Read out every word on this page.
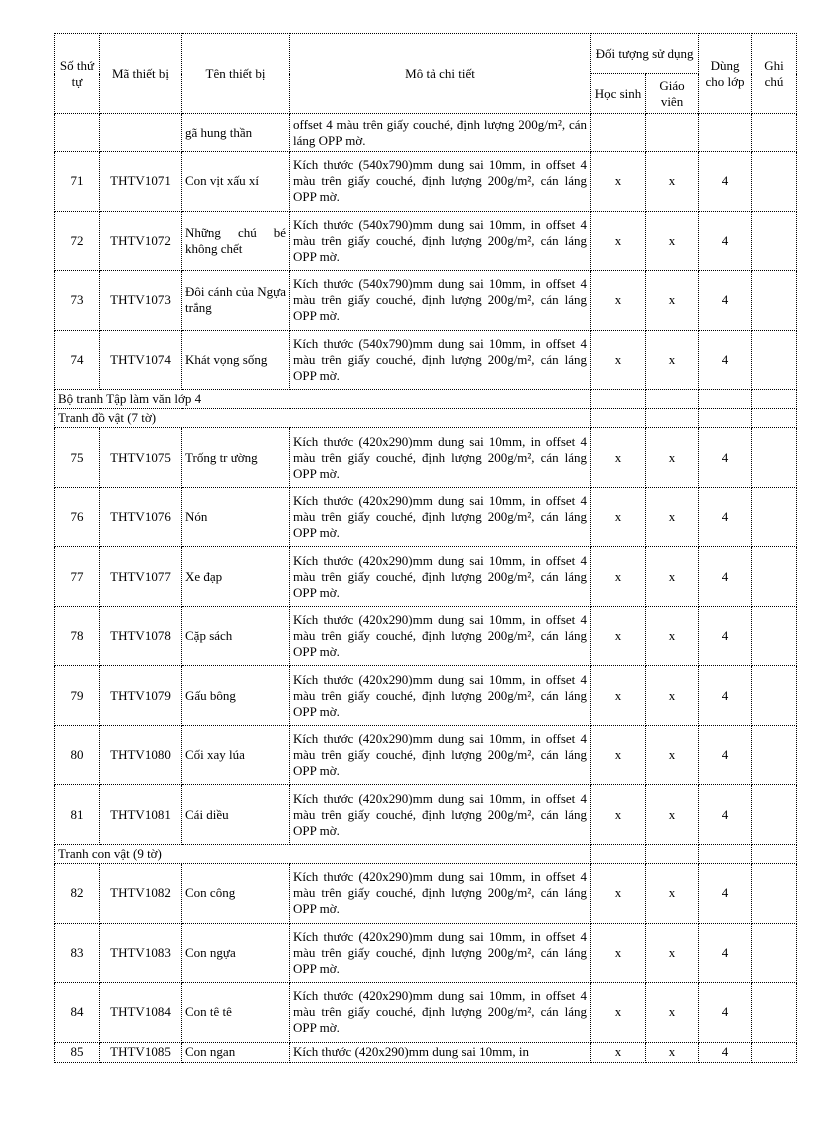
Số thứ tự	Mã thiết bị	Tên thiết bị	Mô tả chi tiết	Đối tượng sử dụng		Dùng cho lớp	Ghi chú
				Học sinh	Giáo viên		
		gã hung thần	offset 4 màu trên giấy couché, định lượng 200g/m², cán láng OPP mờ.				
71	THTV1071	Con vịt xấu xí	Kích thước (540x790)mm dung sai 10mm, in offset 4 màu trên giấy couché, định lượng 200g/m², cán láng OPP mờ.	x	x	4	
72	THTV1072	Những chú bé không chết	Kích thước (540x790)mm dung sai 10mm, in offset 4 màu trên giấy couché, định lượng 200g/m², cán láng OPP mờ.	x	x	4	
73	THTV1073	Đôi cánh của Ngựa trắng	Kích thước (540x790)mm dung sai 10mm, in offset 4 màu trên giấy couché, định lượng 200g/m², cán láng OPP mờ.	x	x	4	
74	THTV1074	Khát vọng sống	Kích thước (540x790)mm dung sai 10mm, in offset 4 màu trên giấy couché, định lượng 200g/m², cán láng OPP mờ.	x	x	4	
Bộ tranh Tập làm văn lớp 4							
Tranh đồ vật (7 tờ)							
75	THTV1075	Trống tr ường	Kích thước (420x290)mm dung sai 10mm, in offset 4 màu trên giấy couché, định lượng 200g/m², cán láng OPP mờ.	x	x	4	
76	THTV1076	Nón	Kích thước (420x290)mm dung sai 10mm, in offset 4 màu trên giấy couché, định lượng 200g/m², cán láng OPP mờ.	x	x	4	
77	THTV1077	Xe đạp	Kích thước (420x290)mm dung sai 10mm, in offset 4 màu trên giấy couché, định lượng 200g/m², cán láng OPP mờ.	x	x	4	
78	THTV1078	Cặp sách	Kích thước (420x290)mm dung sai 10mm, in offset 4 màu trên giấy couché, định lượng 200g/m², cán láng OPP mờ.	x	x	4	
79	THTV1079	Gấu bông	Kích thước (420x290)mm dung sai 10mm, in offset 4 màu trên giấy couché, định lượng 200g/m², cán láng OPP mờ.	x	x	4	
80	THTV1080	Cối xay lúa	Kích thước (420x290)mm dung sai 10mm, in offset 4 màu trên giấy couché, định lượng 200g/m², cán láng OPP mờ.	x	x	4	
81	THTV1081	Cái diều	Kích thước (420x290)mm dung sai 10mm, in offset 4 màu trên giấy couché, định lượng 200g/m², cán láng OPP mờ.	x	x	4	
Tranh con vật (9 tờ)							
82	THTV1082	Con công	Kích thước (420x290)mm dung sai 10mm, in offset 4 màu trên giấy couché, định lượng 200g/m², cán láng OPP mờ.	x	x	4	
83	THTV1083	Con ngựa	Kích thước (420x290)mm dung sai 10mm, in offset 4 màu trên giấy couché, định lượng 200g/m², cán láng OPP mờ.	x	x	4	
84	THTV1084	Con tê tê	Kích thước (420x290)mm dung sai 10mm, in offset 4 màu trên giấy couché, định lượng 200g/m², cán láng OPP mờ.	x	x	4	
85	THTV1085	Con ngan	Kích thước (420x290)mm dung sai 10mm, in	x	x	4	
